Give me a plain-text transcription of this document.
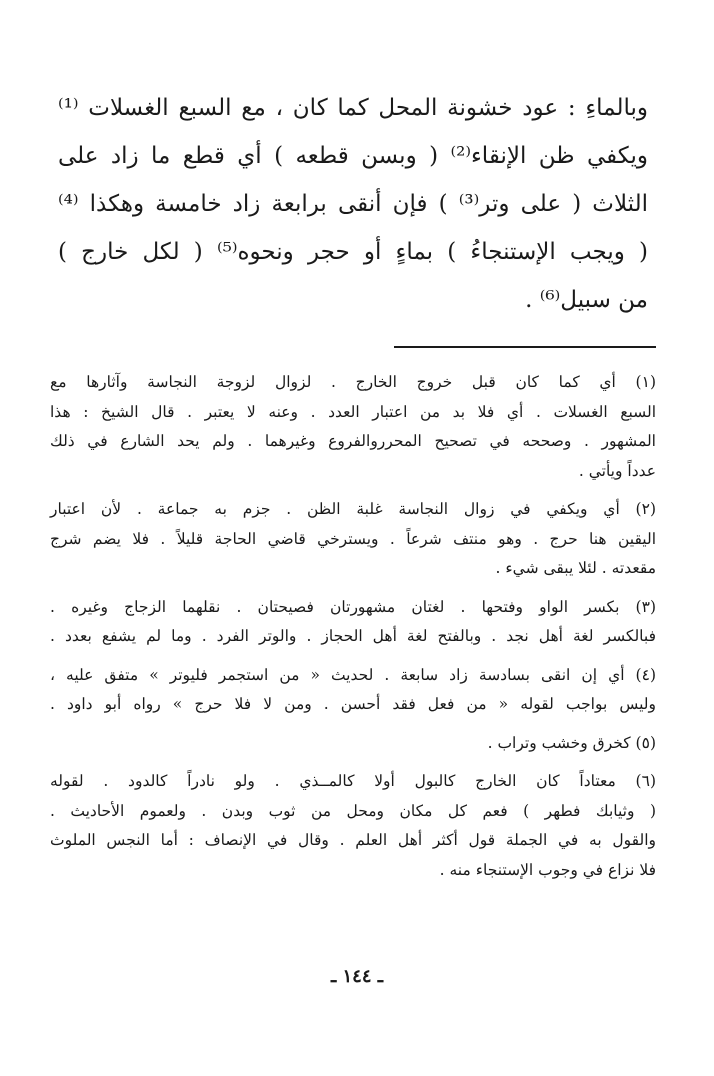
وبالماءِ : عود خشونة المحل كما كان ، مع السبع الغسلات ⁽¹⁾
ويكفي ظن الإنقاء⁽²⁾ ( وبسن قطعه ) أي قطع ما زاد على
الثلاث ( على وتر⁽³⁾ ) فإن أنقى برابعة زاد خامسة وهكذا ⁽⁴⁾
( ويجب الإستنجاءُ ) بماءٍ أو حجر ونحوه⁽⁵⁾ ( لكل خارج )
من سبيل⁽⁶⁾ .
(١) أي كما كان قبل خروج الخارج . لزوال لزوجة النجاسة وآثارها مع
السبع الغسلات . أي فلا بد من اعتبار العدد . وعنه لا يعتبر . قال الشيخ : هذا
المشهور . وصححه في تصحيح المحرروالفروع وغيرهما . ولم يحد الشارع في ذلك
عدداً ويأتي .
(٢) أي ويكفي في زوال النجاسة غلبة الظن . جزم به جماعة . لأن اعتبار
اليقين هنا حرج . وهو منتف شرعاً . ويسترخي قاضي الحاجة قليلاً . فلا يضم شرج
مقعدته . لئلا يبقى شيء .
(٣) بكسر الواو وفتحها . لغتان مشهورتان فصيحتان . نقلهما الزجاج وغيره .
فبالكسر لغة أهل نجد . وبالفتح لغة أهل الحجاز . والوتر الفرد . وما لم يشفع بعدد .
(٤) أي إن انقى بسادسة زاد سابعة . لحديث « من استجمر فليوتر » متفق عليه ،
وليس بواجب لقوله « من فعل فقد أحسن . ومن لا فلا حرج » رواه أبو داود .
(٥) كخرق وخشب وتراب .
(٦) معتاداً كان الخارج كالبول أولا كالمــذي . ولو نادراً كالدود . لقوله
( وثيابك فطهر ) فعم كل مكان ومحل من ثوب وبدن . ولعموم الأحاديث .
والقول به في الجملة قول أكثر أهل العلم . وقال في الإنصاف : أما النجس الملوث
فلا نزاع في وجوب الإستنجاء منه .
ـ ١٤٤ ـ
